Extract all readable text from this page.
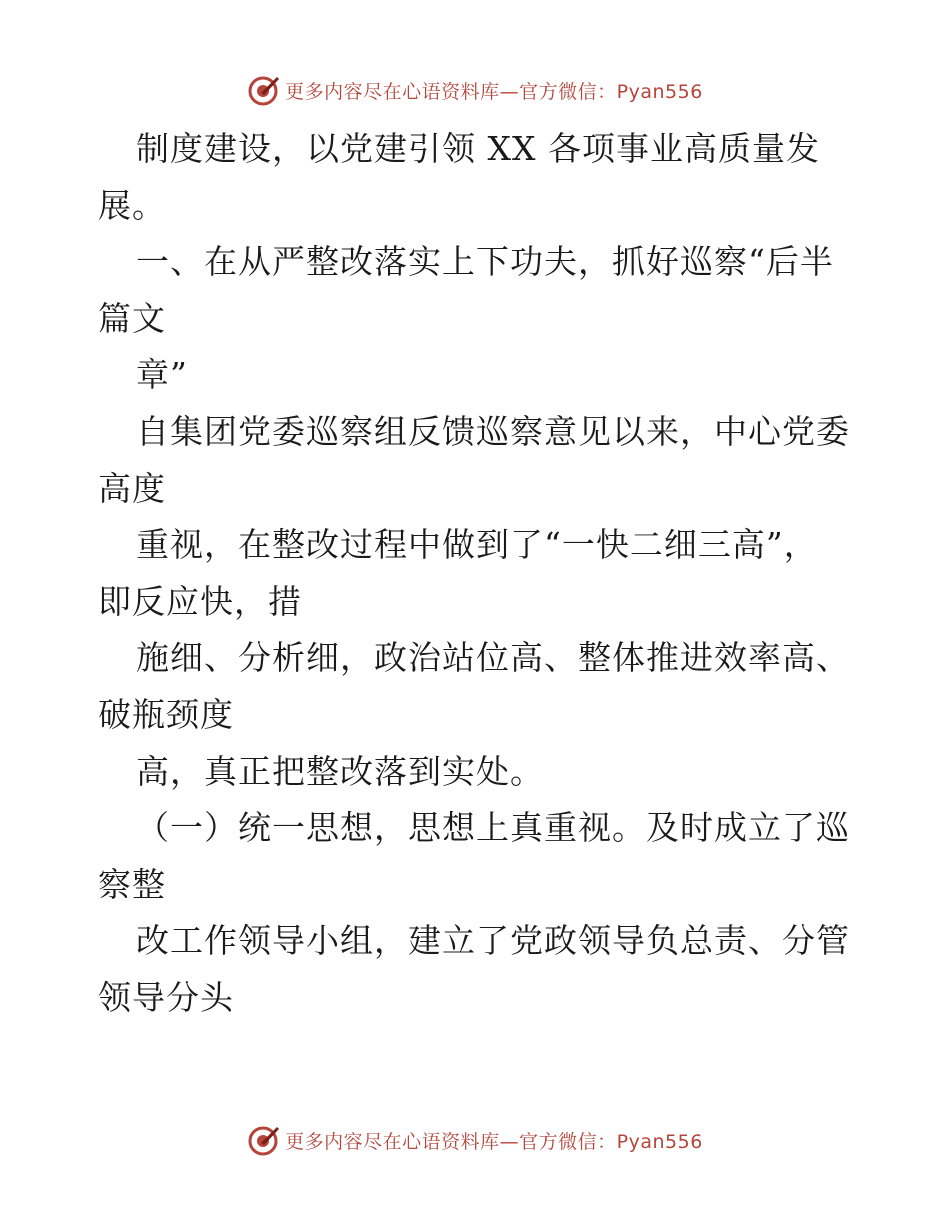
更多内容尽在心语资料库—官方微信：Pyan556
制度建设，以党建引领 XX 各项事业高质量发
展。
一、在从严整改落实上下功夫，抓好巡察“后半
篇文
章”
自集团党委巡察组反馈巡察意见以来，中心党委
高度
重视，在整改过程中做到了“一快二细三高”，
即反应快，措
施细、分析细，政治站位高、整体推进效率高、
破瓶颈度
高，真正把整改落到实处。
（一）统一思想，思想上真重视。及时成立了巡
察整
改工作领导小组，建立了党政领导负总责、分管
领导分头
更多内容尽在心语资料库—官方微信：Pyan556
